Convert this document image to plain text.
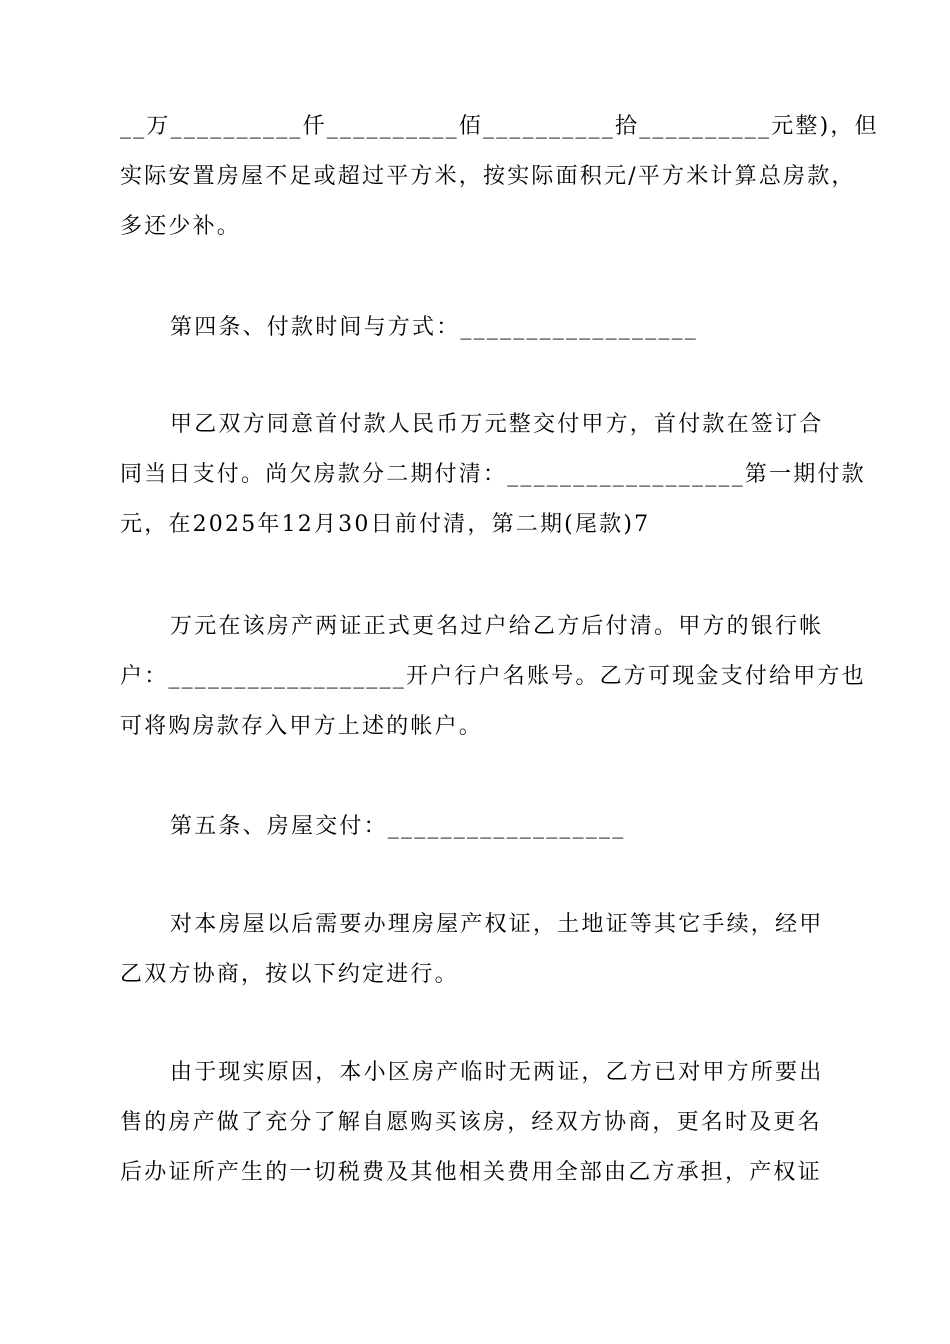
__万__________仟__________佰__________拾__________元整)，但
实际安置房屋不足或超过平方米，按实际面积元/平方米计算总房款，
多还少补。
第四条、付款时间与方式：__________________
甲乙双方同意首付款人民币万元整交付甲方，首付款在签订合
同当日支付。尚欠房款分二期付清：__________________第一期付款
元，在2025年12月30日前付清，第二期(尾款)7
万元在该房产两证正式更名过户给乙方后付清。甲方的银行帐
户：__________________开户行户名账号。乙方可现金支付给甲方也
可将购房款存入甲方上述的帐户。
第五条、房屋交付：__________________
对本房屋以后需要办理房屋产权证，土地证等其它手续，经甲
乙双方协商，按以下约定进行。
由于现实原因，本小区房产临时无两证，乙方已对甲方所要出
售的房产做了充分了解自愿购买该房，经双方协商，更名时及更名
后办证所产生的一切税费及其他相关费用全部由乙方承担，产权证
